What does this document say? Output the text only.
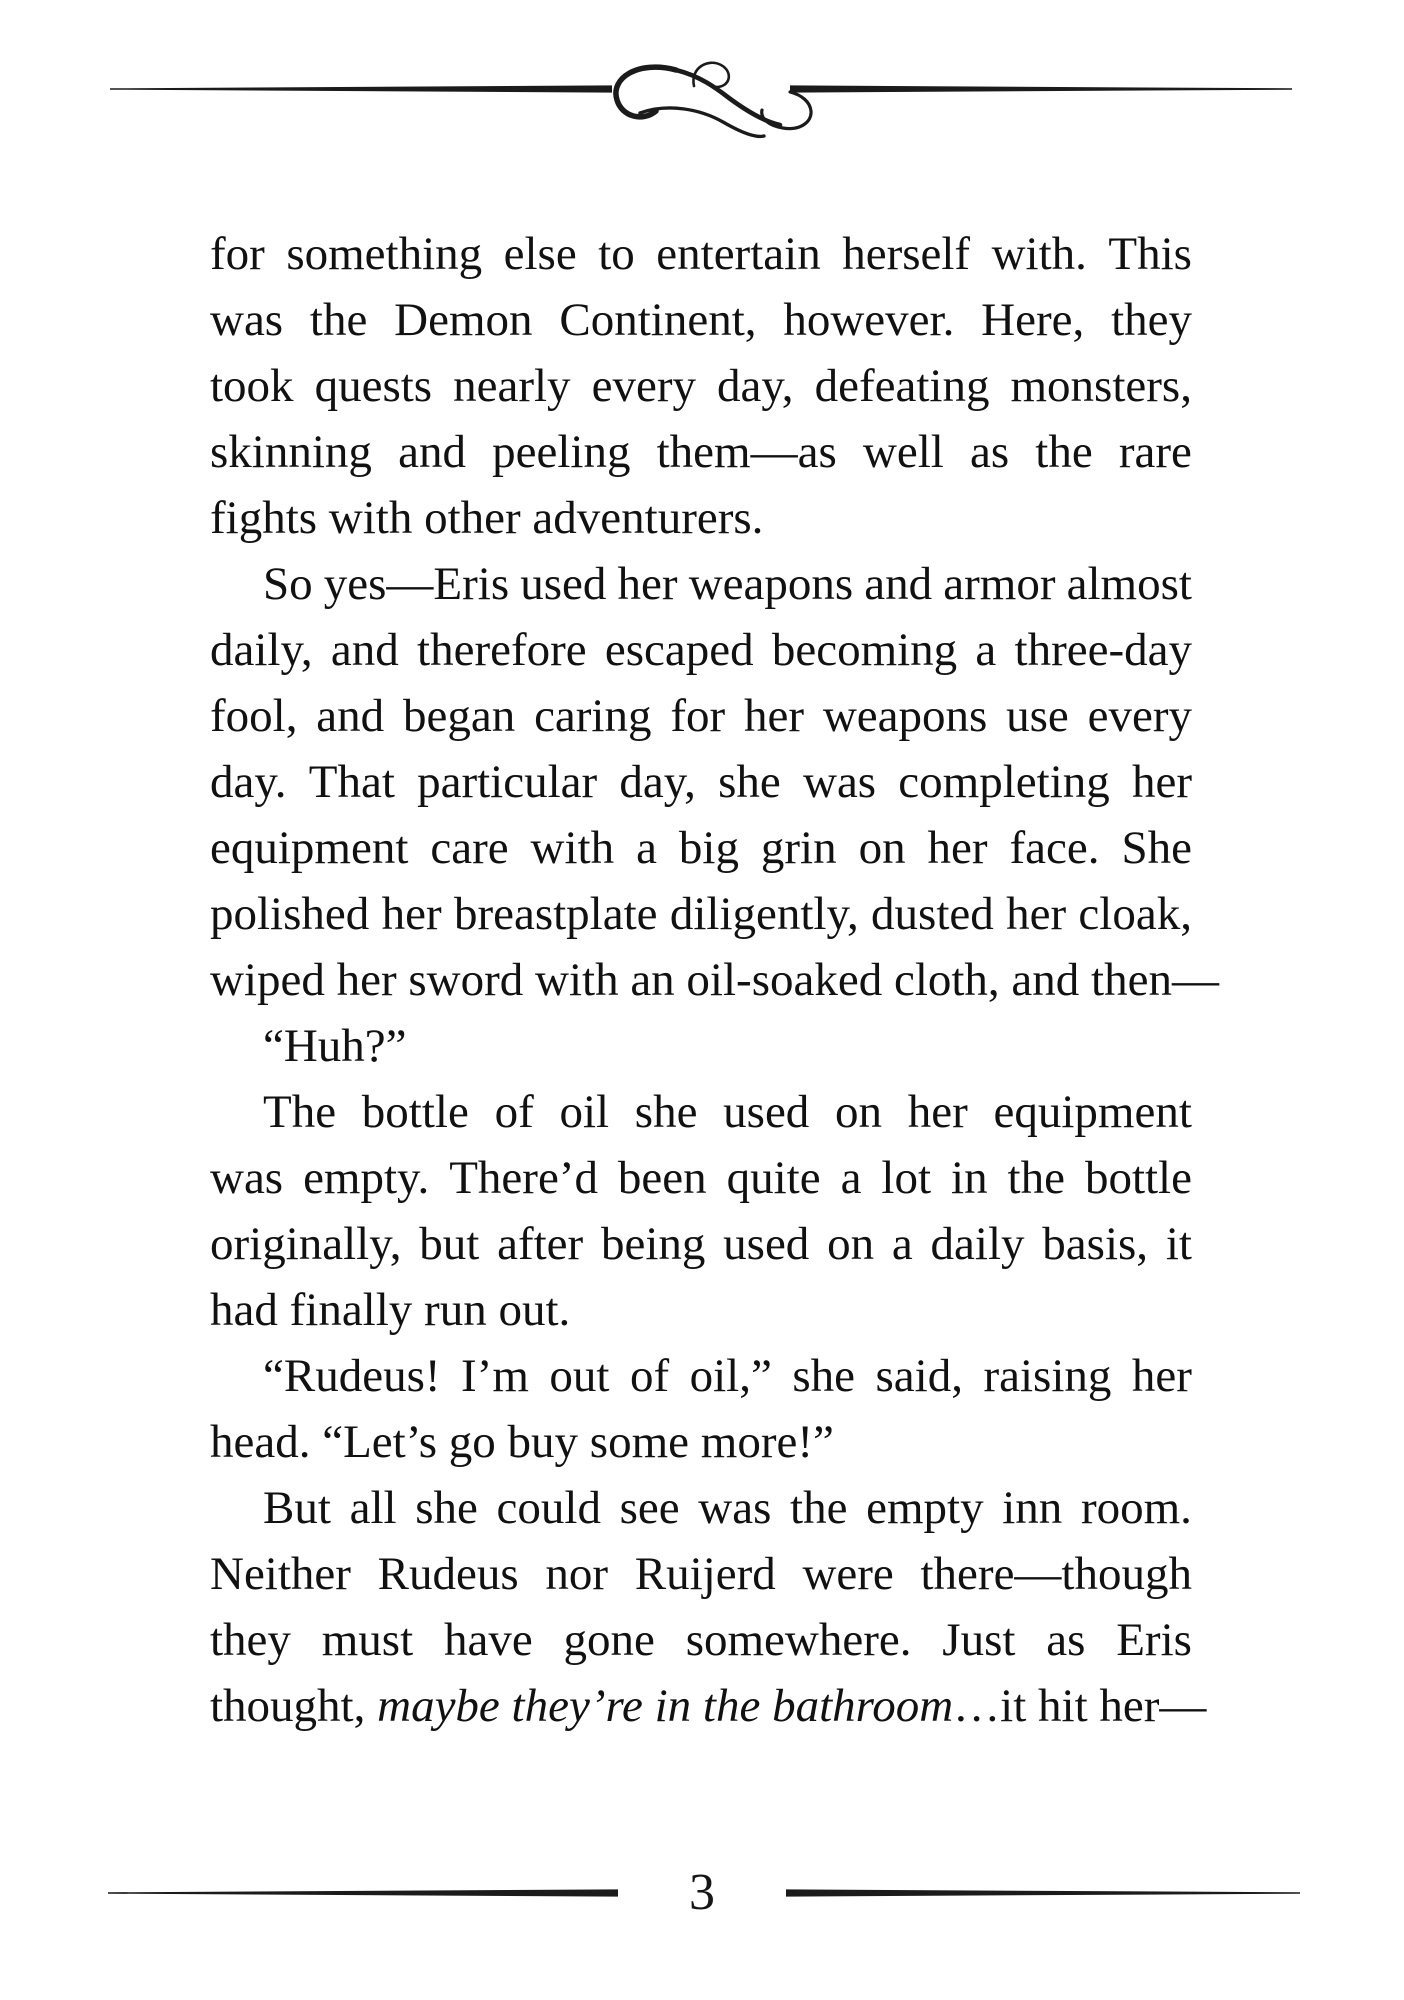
for something else to entertain herself with. This
was the Demon Continent, however. Here, they
took quests nearly every day, defeating monsters,
skinning and peeling them—as well as the rare
fights with other adventurers.
So yes—Eris used her weapons and armor almost
daily, and therefore escaped becoming a three-day
fool, and began caring for her weapons use every
day. That particular day, she was completing her
equipment care with a big grin on her face. She
polished her breastplate diligently, dusted her cloak,
wiped her sword with an oil-soaked cloth, and then—
“Huh?”
The bottle of oil she used on her equipment
was empty. There’d been quite a lot in the bottle
originally, but after being used on a daily basis, it
had finally run out.
“Rudeus! I’m out of oil,” she said, raising her
head. “Let’s go buy some more!”
But all she could see was the empty inn room.
Neither Rudeus nor Ruijerd were there—though
they must have gone somewhere. Just as Eris
thought, maybe they’re in the bathroom…it hit her—
3
